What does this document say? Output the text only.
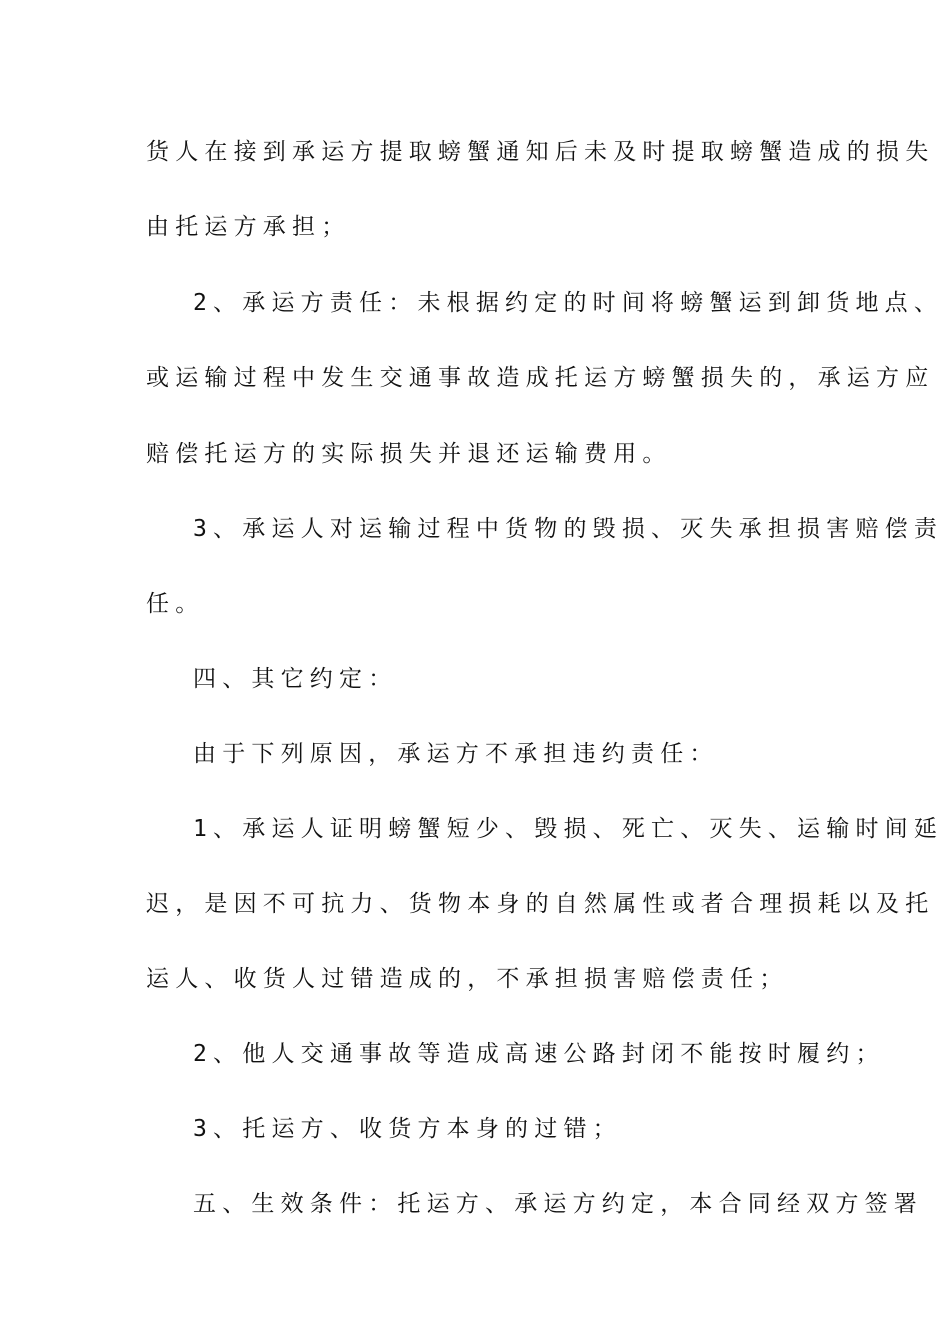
货人在接到承运方提取螃蟹通知后未及时提取螃蟹造成的损失

由托运方承担；

2、承运方责任：未根据约定的时间将螃蟹运到卸货地点、

或运输过程中发生交通事故造成托运方螃蟹损失的，承运方应

赔偿托运方的实际损失并退还运输费用。

3、承运人对运输过程中货物的毁损、灭失承担损害赔偿责

任。

四、其它约定：

由于下列原因，承运方不承担违约责任：

1、承运人证明螃蟹短少、毁损、死亡、灭失、运输时间延

迟，是因不可抗力、货物本身的自然属性或者合理损耗以及托

运人、收货人过错造成的，不承担损害赔偿责任；

2、他人交通事故等造成高速公路封闭不能按时履约；

3、托运方、收货方本身的过错；

五、生效条件：托运方、承运方约定，本合同经双方签署
